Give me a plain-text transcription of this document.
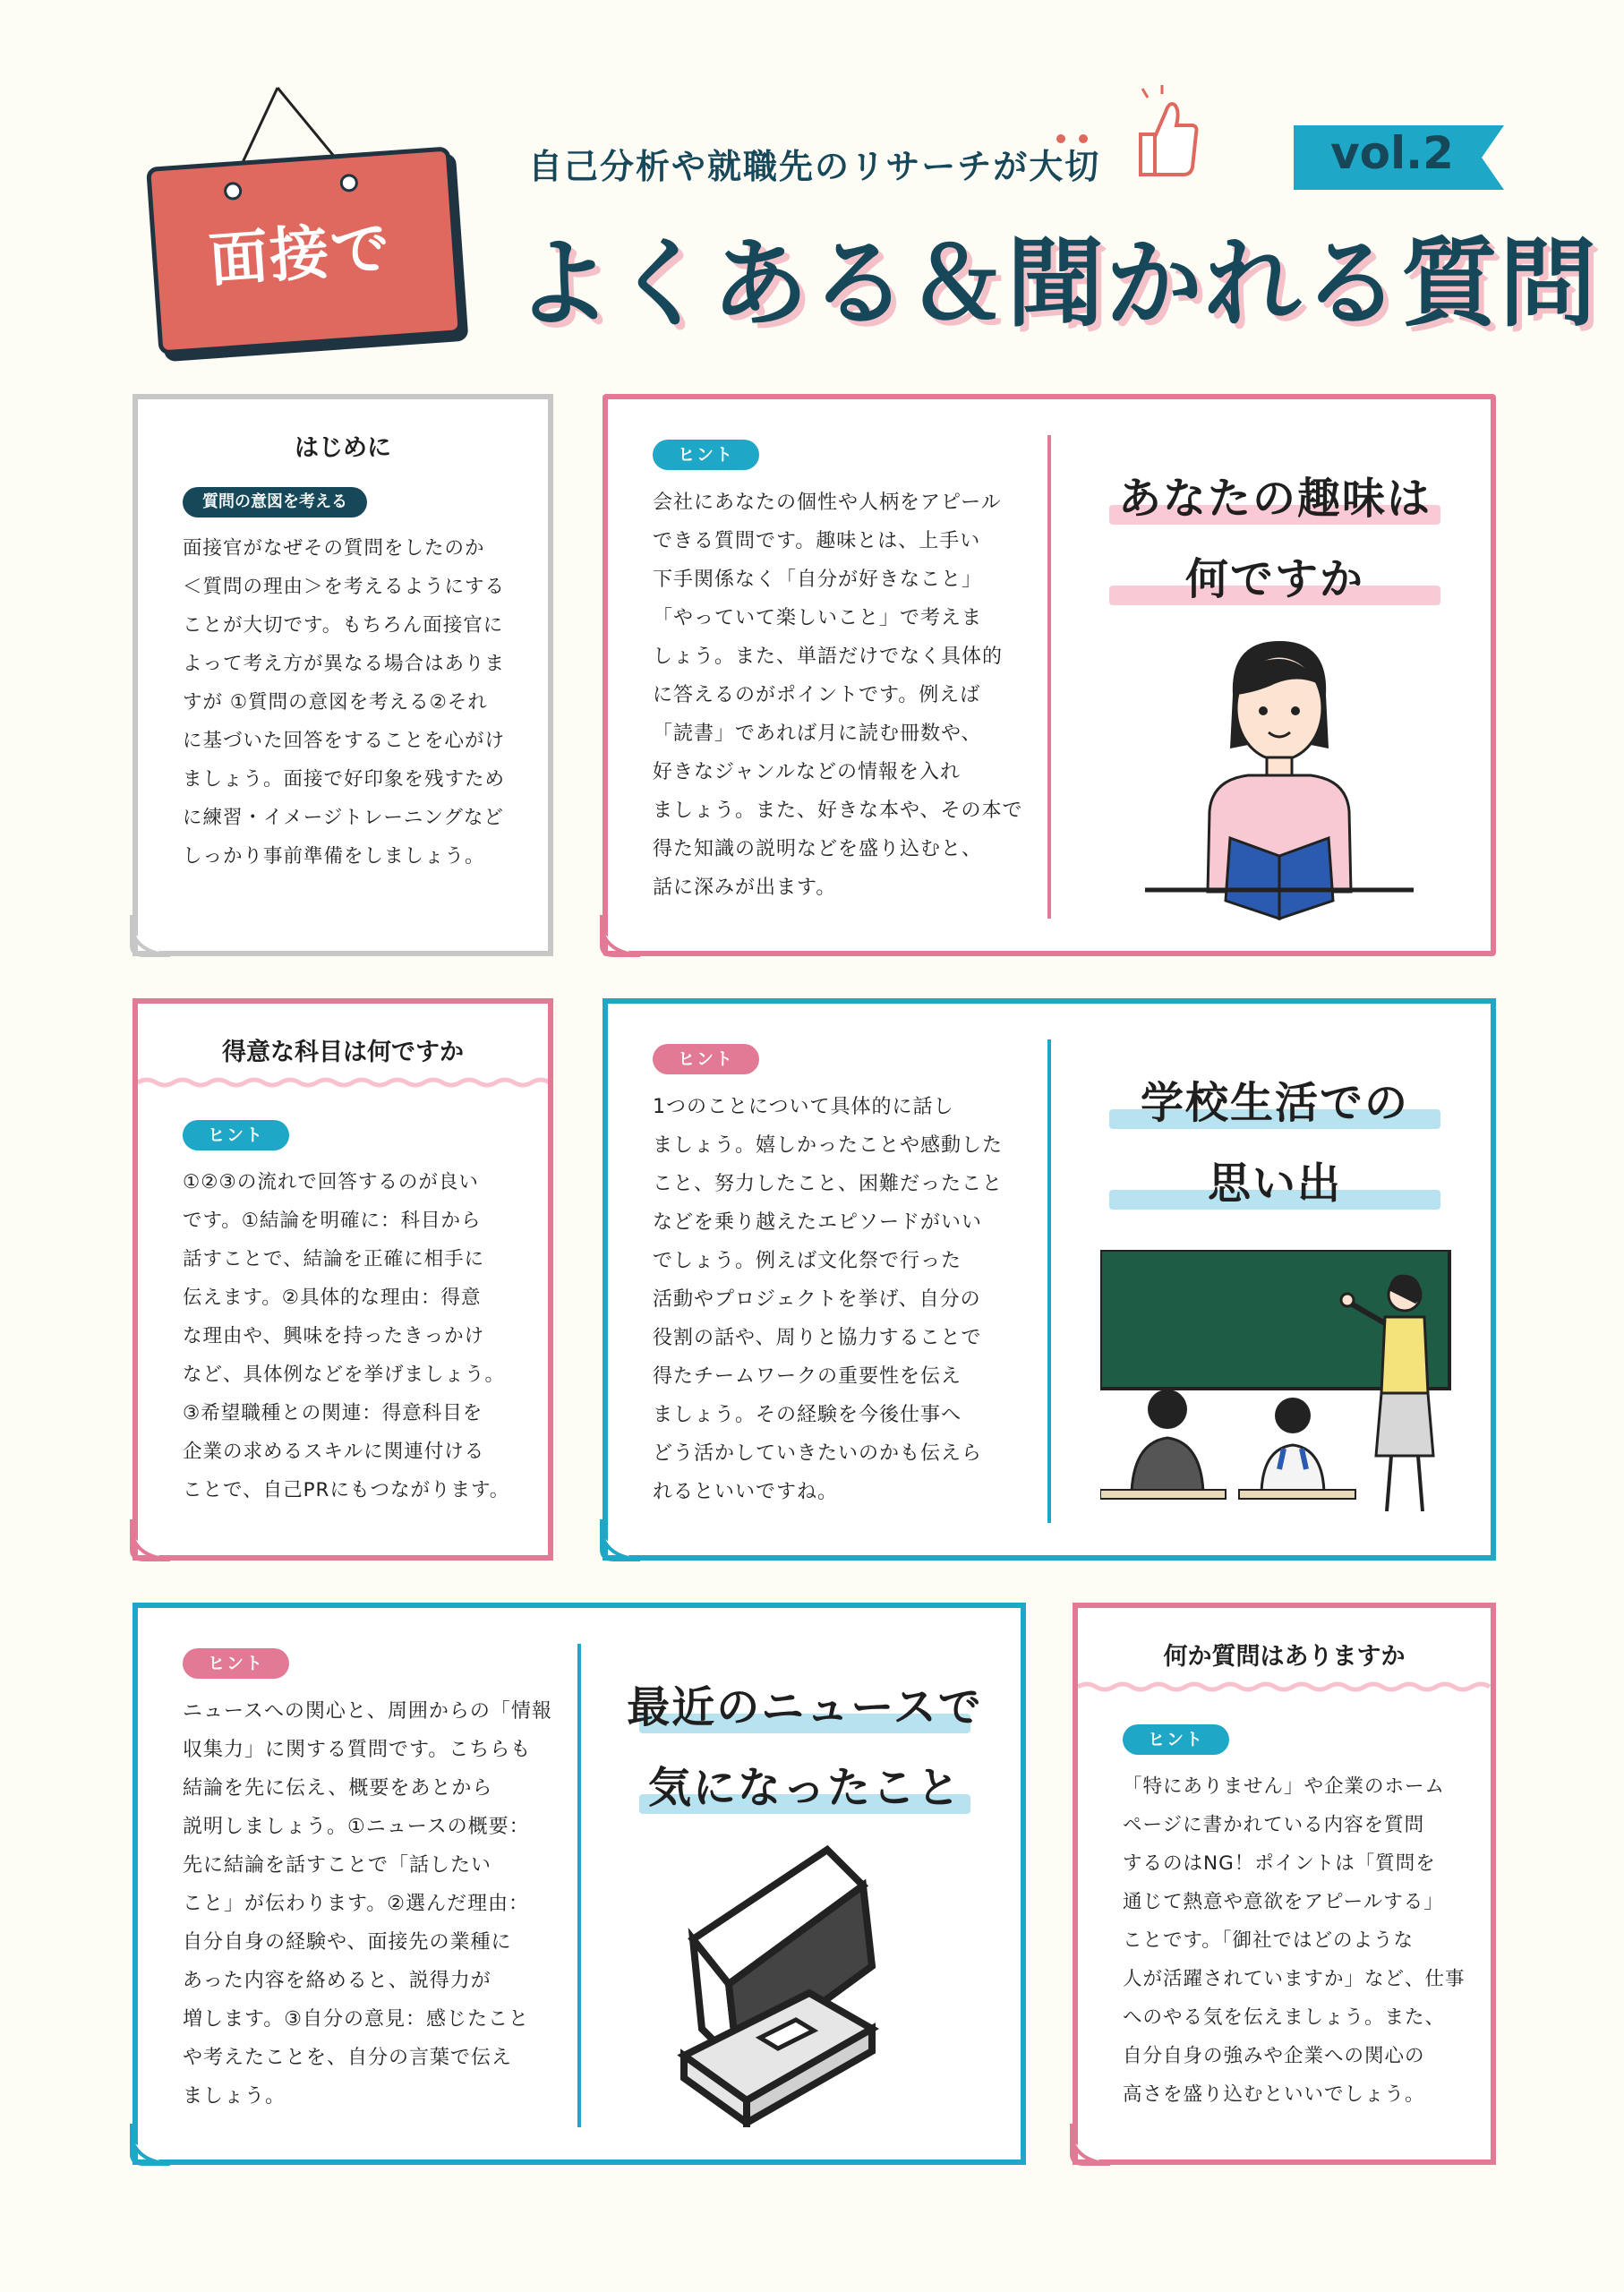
面接で
自己分析や就職先のリサーチが大切	vol.2
よくある＆聞かれる質問
はじめに
質問の意図を考える
面接官がなぜその質問をしたのか
＜質問の理由＞を考えるようにする
ことが大切です。もちろん面接官に
よって考え方が異なる場合はありま
すが ①質問の意図を考える②それ
に基づいた回答をすることを心がけ
ましょう。面接で好印象を残すため
に練習・イメージトレーニングなど
しっかり事前準備をしましょう。
ヒント
会社にあなたの個性や人柄をアピール
できる質問です。趣味とは、上手い
下手関係なく「自分が好きなこと」
「やっていて楽しいこと」で考えま
しょう。また、単語だけでなく具体的
に答えるのがポイントです。例えば
「読書」であれば月に読む冊数や、
好きなジャンルなどの情報を入れ
ましょう。また、好きな本や、その本で
得た知識の説明などを盛り込むと、
話に深みが出ます。
あなたの趣味は
何ですか
得意な科目は何ですか
ヒント
①②③の流れで回答するのが良い
です。①結論を明確に：科目から
話すことで、結論を正確に相手に
伝えます。②具体的な理由：得意
な理由や、興味を持ったきっかけ
など、具体例などを挙げましょう。
③希望職種との関連：得意科目を
企業の求めるスキルに関連付ける
ことで、自己PRにもつながります。
ヒント
1つのことについて具体的に話し
ましょう。嬉しかったことや感動した
こと、努力したこと、困難だったこと
などを乗り越えたエピソードがいい
でしょう。例えば文化祭で行った
活動やプロジェクトを挙げ、自分の
役割の話や、周りと協力することで
得たチームワークの重要性を伝え
ましょう。その経験を今後仕事へ
どう活かしていきたいのかも伝えら
れるといいですね。
学校生活での
思い出
ヒント
ニュースへの関心と、周囲からの「情報
収集力」に関する質問です。こちらも
結論を先に伝え、概要をあとから
説明しましょう。①ニュースの概要：
先に結論を話すことで「話したい
こと」が伝わります。②選んだ理由：
自分自身の経験や、面接先の業種に
あった内容を絡めると、説得力が
増します。③自分の意見：感じたこと
や考えたことを、自分の言葉で伝え
ましょう。
最近のニュースで
気になったこと
何か質問はありますか
ヒント
「特にありません」や企業のホーム
ページに書かれている内容を質問
するのはNG！ポイントは「質問を
通じて熱意や意欲をアピールする」
ことです。「御社ではどのような
人が活躍されていますか」など、仕事
へのやる気を伝えましょう。また、
自分自身の強みや企業への関心の
高さを盛り込むといいでしょう。
